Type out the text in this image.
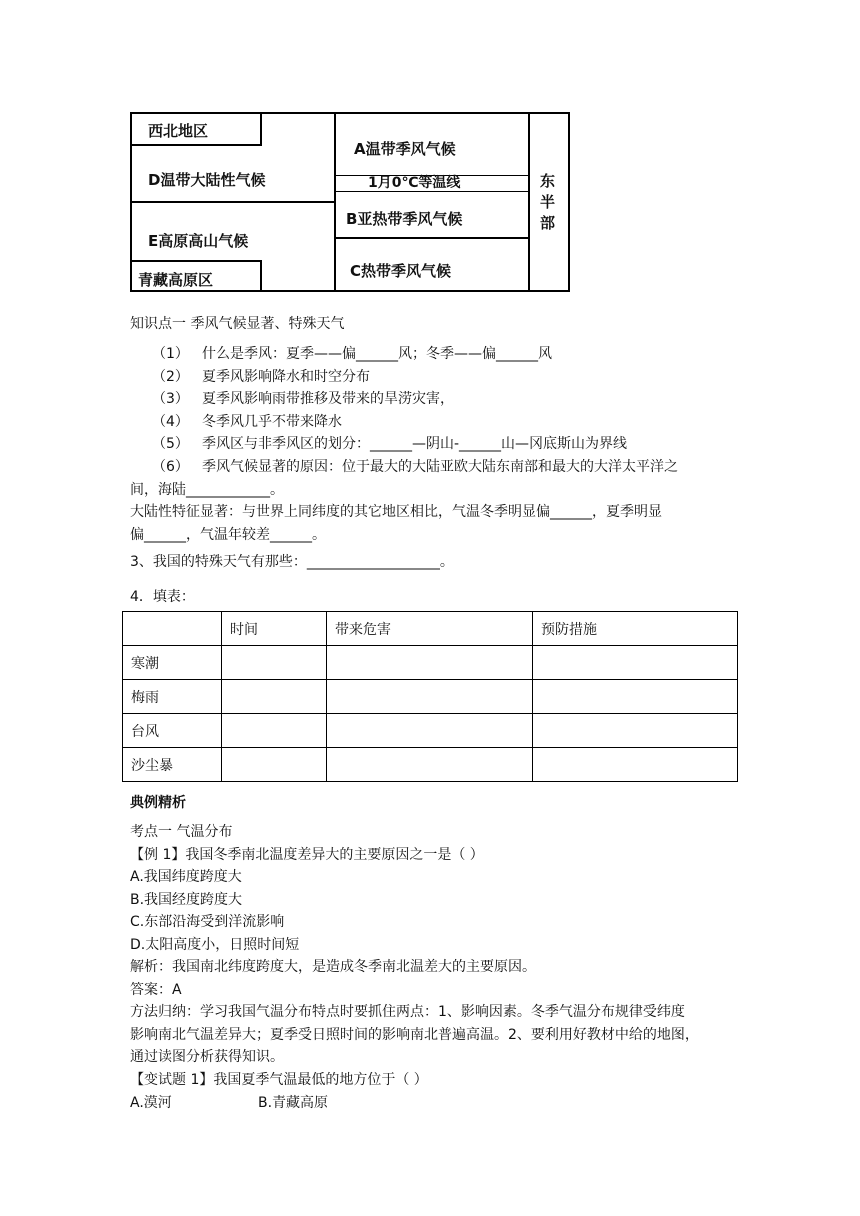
西北地区
D温带大陆性气候
E高原高山气候
青藏高原区
A温带季风气候
1月0℃等温线
B亚热带季风气候
C热带季风气候
东
半
部
知识点一 季风气候显著、特殊天气
（1） 什么是季风：夏季——偏______风；冬季——偏______风
（2） 夏季风影响降水和时空分布
（3） 夏季风影响雨带推移及带来的旱涝灾害，
（4） 冬季风几乎不带来降水
（5） 季风区与非季风区的划分：______—阴山-______山—冈底斯山为界线
（6） 季风气候显著的原因：位于最大的大陆亚欧大陆东南部和最大的大洋太平洋之
间，海陆____________。
大陆性特征显著：与世界上同纬度的其它地区相比，气温冬季明显偏______，夏季明显
偏______，气温年较差______。
3、我国的特殊天气有那些：___________________。
4．填表：
	时间	带来危害	预防措施
寒潮			
梅雨			
台风			
沙尘暴			
典例精析
考点一 气温分布
【例 1】我国冬季南北温度差异大的主要原因之一是（ ）
A.我国纬度跨度大
B.我国经度跨度大
C.东部沿海受到洋流影响
D.太阳高度小，日照时间短
解析：我国南北纬度跨度大，是造成冬季南北温差大的主要原因。
答案：A
方法归纳：学习我国气温分布特点时要抓住两点：1、影响因素。冬季气温分布规律受纬度
影响南北气温差异大；夏季受日照时间的影响南北普遍高温。2、要利用好教材中给的地图，
通过读图分析获得知识。
【变试题 1】我国夏季气温最低的地方位于（ ）
A.漠河	B.青藏高原
